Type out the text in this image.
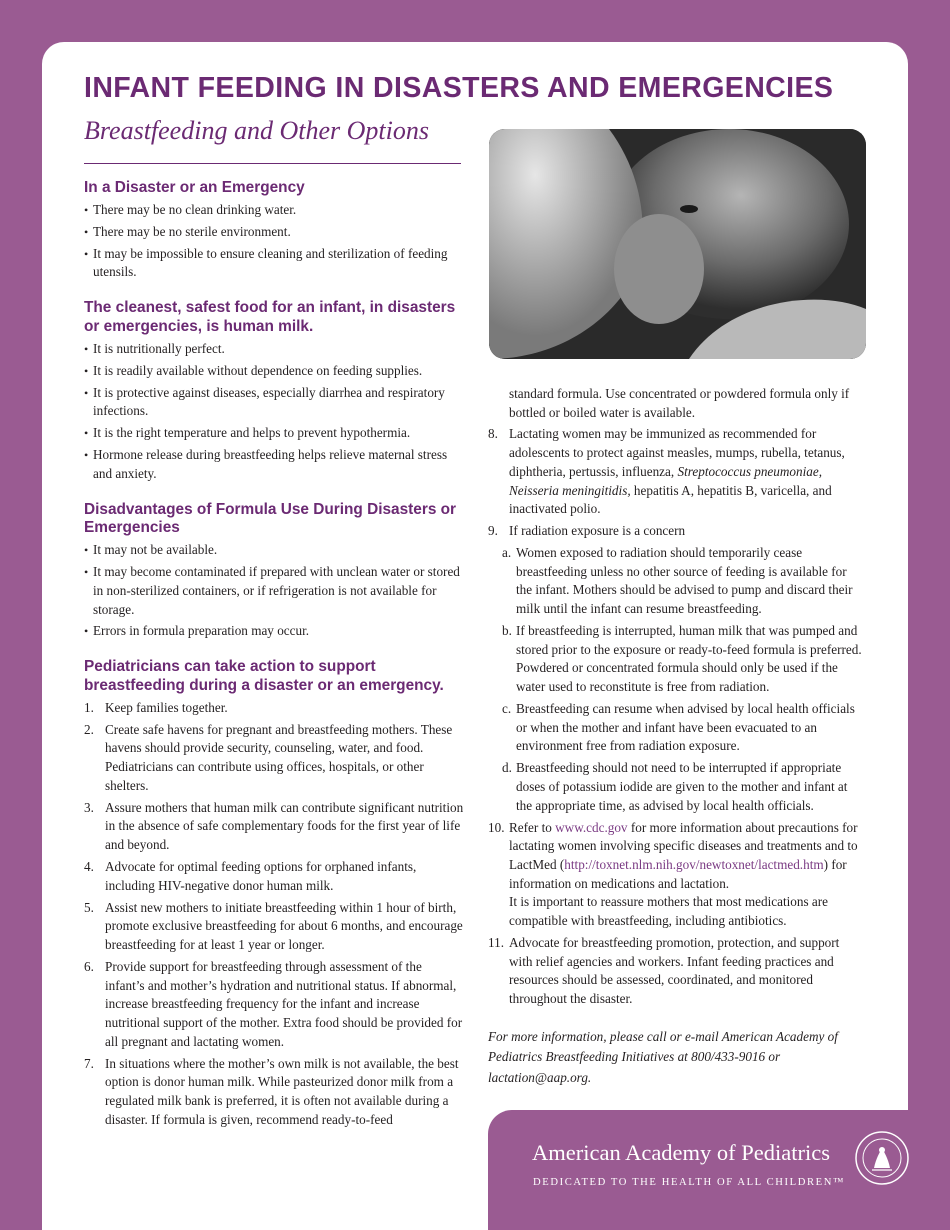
INFANT FEEDING IN DISASTERS AND EMERGENCIES
Breastfeeding and Other Options
In a Disaster or an Emergency
• There may be no clean drinking water.
• There may be no sterile environment.
• It may be impossible to ensure cleaning and sterilization of feeding utensils.
The cleanest, safest food for an infant, in disasters or emergencies, is human milk.
• It is nutritionally perfect.
• It is readily available without dependence on feeding supplies.
• It is protective against diseases, especially diarrhea and respiratory infections.
• It is the right temperature and helps to prevent hypothermia.
• Hormone release during breastfeeding helps relieve maternal stress and anxiety.
Disadvantages of Formula Use During Disasters or Emergencies
• It may not be available.
• It may become contaminated if prepared with unclean water or stored in non-sterilized containers, or if refrigeration is not available for storage.
• Errors in formula preparation may occur.
Pediatricians can take action to support breastfeeding during a disaster or an emergency.
1. Keep families together.
2. Create safe havens for pregnant and breastfeeding mothers. These havens should provide security, counseling, water, and food. Pediatricians can contribute using offices, hospitals, or other shelters.
3. Assure mothers that human milk can contribute significant nutrition in the absence of safe complementary foods for the first year of life and beyond.
4. Advocate for optimal feeding options for orphaned infants, including HIV-negative donor human milk.
5. Assist new mothers to initiate breastfeeding within 1 hour of birth, promote exclusive breastfeeding for about 6 months, and encourage breastfeeding for at least 1 year or longer.
6. Provide support for breastfeeding through assessment of the infant’s and mother’s hydration and nutritional status. If abnormal, increase breastfeeding frequency for the infant and increase nutritional support of the mother. Extra food should be provided for all pregnant and lactating women.
7. In situations where the mother’s own milk is not available, the best option is donor human milk. While pasteurized donor milk from a regulated milk bank is preferred, it is often not available during a disaster. If formula is given, recommend ready-to-feed
standard formula. Use concentrated or powdered formula only if bottled or boiled water is available.
8. Lactating women may be immunized as recommended for adolescents to protect against measles, mumps, rubella, tetanus, diphtheria, pertussis, influenza, Streptococcus pneumoniae, Neisseria meningitidis, hepatitis A, hepatitis B, varicella, and inactivated polio.
9. If radiation exposure is a concern
a. Women exposed to radiation should temporarily cease breastfeeding unless no other source of feeding is available for the infant. Mothers should be advised to pump and discard their milk until the infant can resume breastfeeding.
b. If breastfeeding is interrupted, human milk that was pumped and stored prior to the exposure or ready-to-feed formula is preferred. Powdered or concentrated formula should only be used if the water used to reconstitute is free from radiation.
c. Breastfeeding can resume when advised by local health officials or when the mother and infant have been evacuated to an environment free from radiation exposure.
d. Breastfeeding should not need to be interrupted if appropriate doses of potassium iodide are given to the mother and infant at the appropriate time, as advised by local health officials.
10. Refer to www.cdc.gov for more information about precautions for lactating women involving specific diseases and treatments and to LactMed (http://toxnet.nlm.nih.gov/newtoxnet/lactmed.htm) for information on medications and lactation.
It is important to reassure mothers that most medications are compatible with breastfeeding, including antibiotics.
11. Advocate for breastfeeding promotion, protection, and support with relief agencies and workers. Infant feeding practices and resources should be assessed, coordinated, and monitored throughout the disaster.
For more information, please call or e-mail American Academy of Pediatrics Breastfeeding Initiatives at 800/433-9016 or lactation@aap.org.
American Academy of Pediatrics
DEDICATED TO THE HEALTH OF ALL CHILDREN™
